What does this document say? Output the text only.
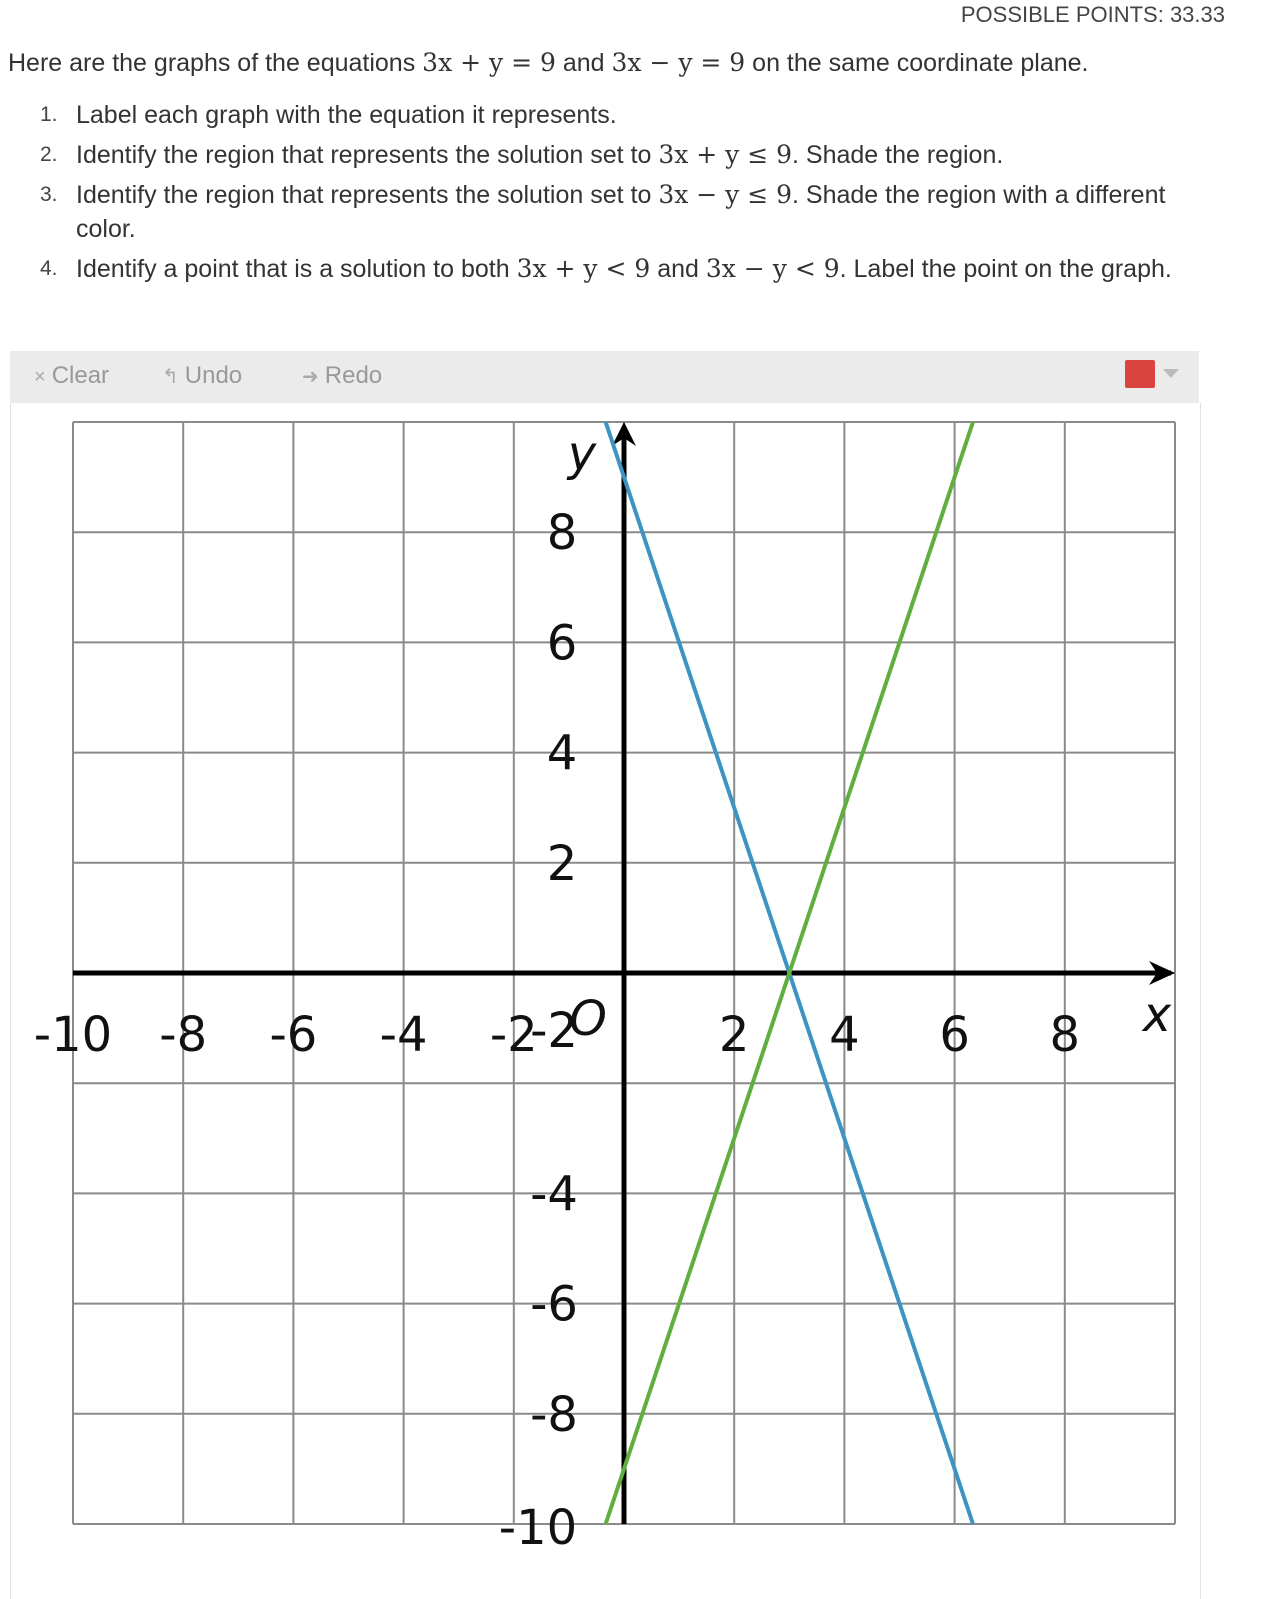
POSSIBLE POINTS: 33.33
Here are the graphs of the equations 3x + y = 9 and 3x − y = 9 on the same coordinate plane.
1. Label each graph with the equation it represents.
2. Identify the region that represents the solution set to 3x + y ≤ 9. Shade the region.
3. Identify the region that represents the solution set to 3x − y ≤ 9. Shade the region with a different color.
4. Identify a point that is a solution to both 3x + y < 9 and 3x − y < 9. Label the point on the graph.
× Clear	↰ Undo	➜ Redo
-10 -8 -6 -4 -2	2 4 6 8
8
6
4
2
-2
-4
-6
-8
-10
x
y
O
